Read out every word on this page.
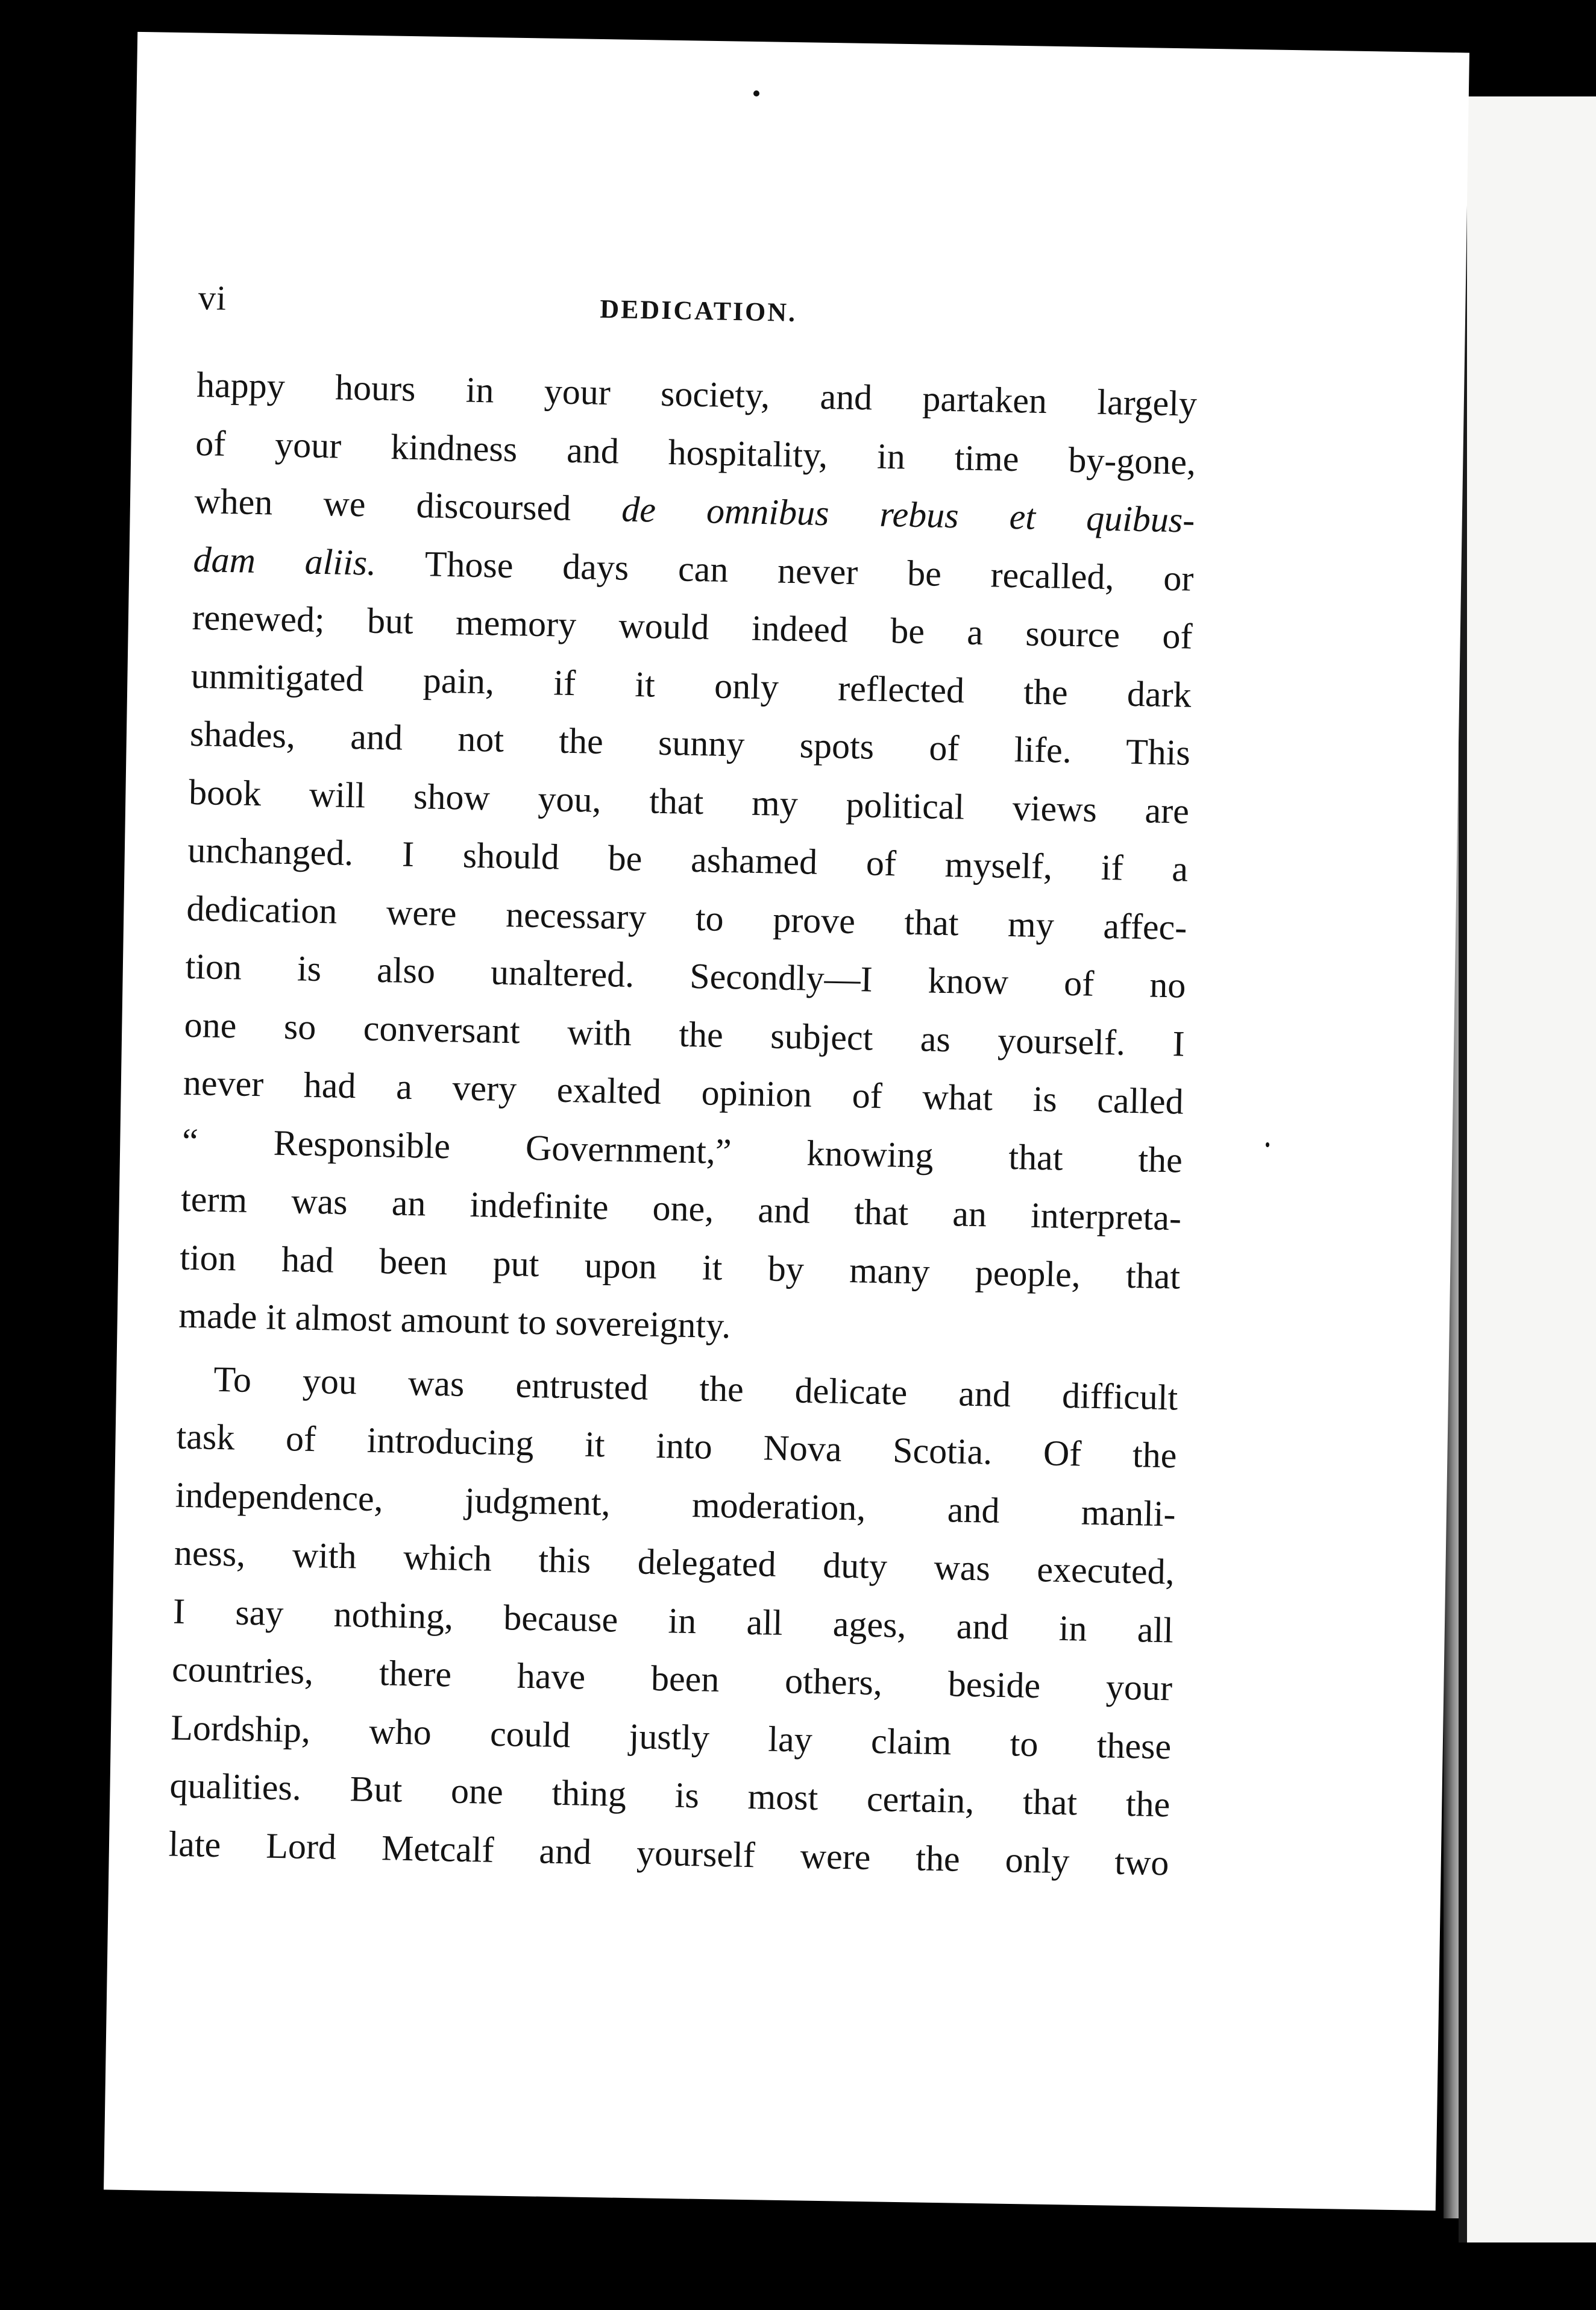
vi	DEDICATION.
happy hours in your society, and partaken largely
of your kindness and hospitality, in time by-gone,
when we discoursed de omnibus rebus et quibus-
dam aliis. Those days can never be recalled, or
renewed; but memory would indeed be a source of
unmitigated pain, if it only reflected the dark
shades, and not the sunny spots of life. This
book will show you, that my political views are
unchanged. I should be ashamed of myself, if a
dedication were necessary to prove that my affec-
tion is also unaltered. Secondly—I know of no
one so conversant with the subject as yourself. I
never had a very exalted opinion of what is called
“ Responsible Government,” knowing that the
term was an indefinite one, and that an interpreta-
tion had been put upon it by many people, that
made it almost amount to sovereignty.
To you was entrusted the delicate and difficult
task of introducing it into Nova Scotia. Of the
independence, judgment, moderation, and manli-
ness, with which this delegated duty was executed,
I say nothing, because in all ages, and in all
countries, there have been others, beside your
Lordship, who could justly lay claim to these
qualities. But one thing is most certain, that the
late Lord Metcalf and yourself were the only two
